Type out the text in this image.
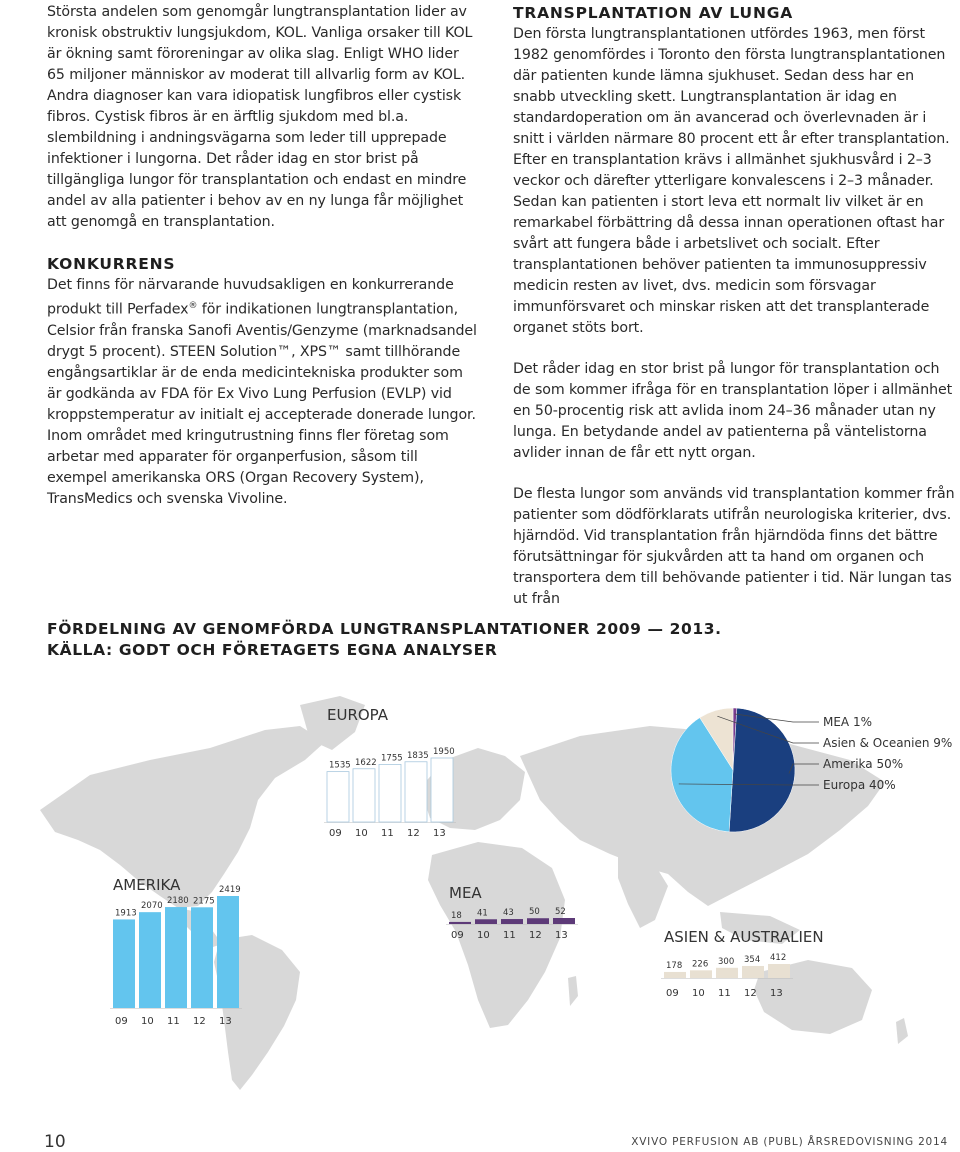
Största andelen som genomgår lungtransplantation lider av kronisk obstruktiv lungsjukdom, KOL. Vanliga orsaker till KOL är ökning samt föroreningar av olika slag. Enligt WHO lider 65 miljoner människor av moderat till allvarlig form av KOL. Andra diagnoser kan vara idiopatisk lungfibros eller cystisk fibros. Cystisk fibros är en ärftlig sjukdom med bl.a. slembildning i andningsvägarna som leder till upprepade infektioner i lungorna. Det råder idag en stor brist på tillgängliga lungor för transplantation och endast en mindre andel av alla patienter i behov av en ny lunga får möjlighet att genomgå en transplantation.

KONKURRENS

Det finns för närvarande huvudsakligen en konkurrerande produkt till Perfadex® för indikationen lungtransplantation, Celsior från franska Sanofi Aventis/Genzyme (marknadsandel drygt 5 procent). STEEN Solution™, XPS™ samt tillhörande engångsartiklar är de enda medicintekniska produkter som är godkända av FDA för Ex Vivo Lung Perfusion (EVLP) vid kroppstemperatur av initialt ej accepterade donerade lungor. Inom området med kringutrustning finns fler företag som arbetar med apparater för organperfusion, såsom till exempel amerikanska ORS (Organ Recovery System), TransMedics och svenska Vivoline.

TRANSPLANTATION AV LUNGA

Den första lungtransplantationen utfördes 1963, men först 1982 genomfördes i Toronto den första lungtransplantationen där patienten kunde lämna sjukhuset. Sedan dess har en snabb utveckling skett. Lungtransplantation är idag en standardoperation om än avancerad och överlevnaden är i snitt i världen närmare 80 procent ett år efter transplantation. Efter en transplantation krävs i allmänhet sjukhusvård i 2–3 veckor och därefter ytterligare konvalescens i 2–3 månader. Sedan kan patienten i stort leva ett normalt liv vilket är en remarkabel förbättring då dessa innan operationen oftast har svårt att fungera både i arbetslivet och socialt. Efter transplantationen behöver patienten ta immunosuppressiv medicin resten av livet, dvs. medicin som försvagar immunförsvaret och minskar risken att det transplanterade organet stöts bort.

Det råder idag en stor brist på lungor för transplantation och de som kommer ifråga för en transplantation löper i allmänhet en 50-procentig risk att avlida inom 24–36 månader utan ny lunga. En betydande andel av patienterna på väntelistorna avlider innan de får ett nytt organ.

De flesta lungor som används vid transplantation kommer från patienter som dödförklarats utifrån neurologiska kriterier, dvs. hjärndöd. Vid transplantation från hjärndöda finns det bättre förutsättningar för sjukvården att ta hand om organen och transportera dem till behövande patienter i tid. När lungan tas ut från

FÖRDELNING AV GENOMFÖRDA LUNGTRANSPLANTATIONER 2009 — 2013.
KÄLLA: GODT OCH FÖRETAGETS EGNA ANALYSER
EUROPA
1535
09
1622
10
1755
11
1835
12
1950
13
AMERIKA
1913
09
2070
10
2180
11
2175
12
2419
13
MEA
18
09
41
10
43
11
50
12
52
13	ASIEN & AUSTRALIEN
178
09
226
10
300
11
354
12
412
13
MEA 1%
Asien & Oceanien 9%
Amerika 50%
Europa 40%
10	XVIVO PERFUSION AB (PUBL) ÅRSREDOVISNING 2014
